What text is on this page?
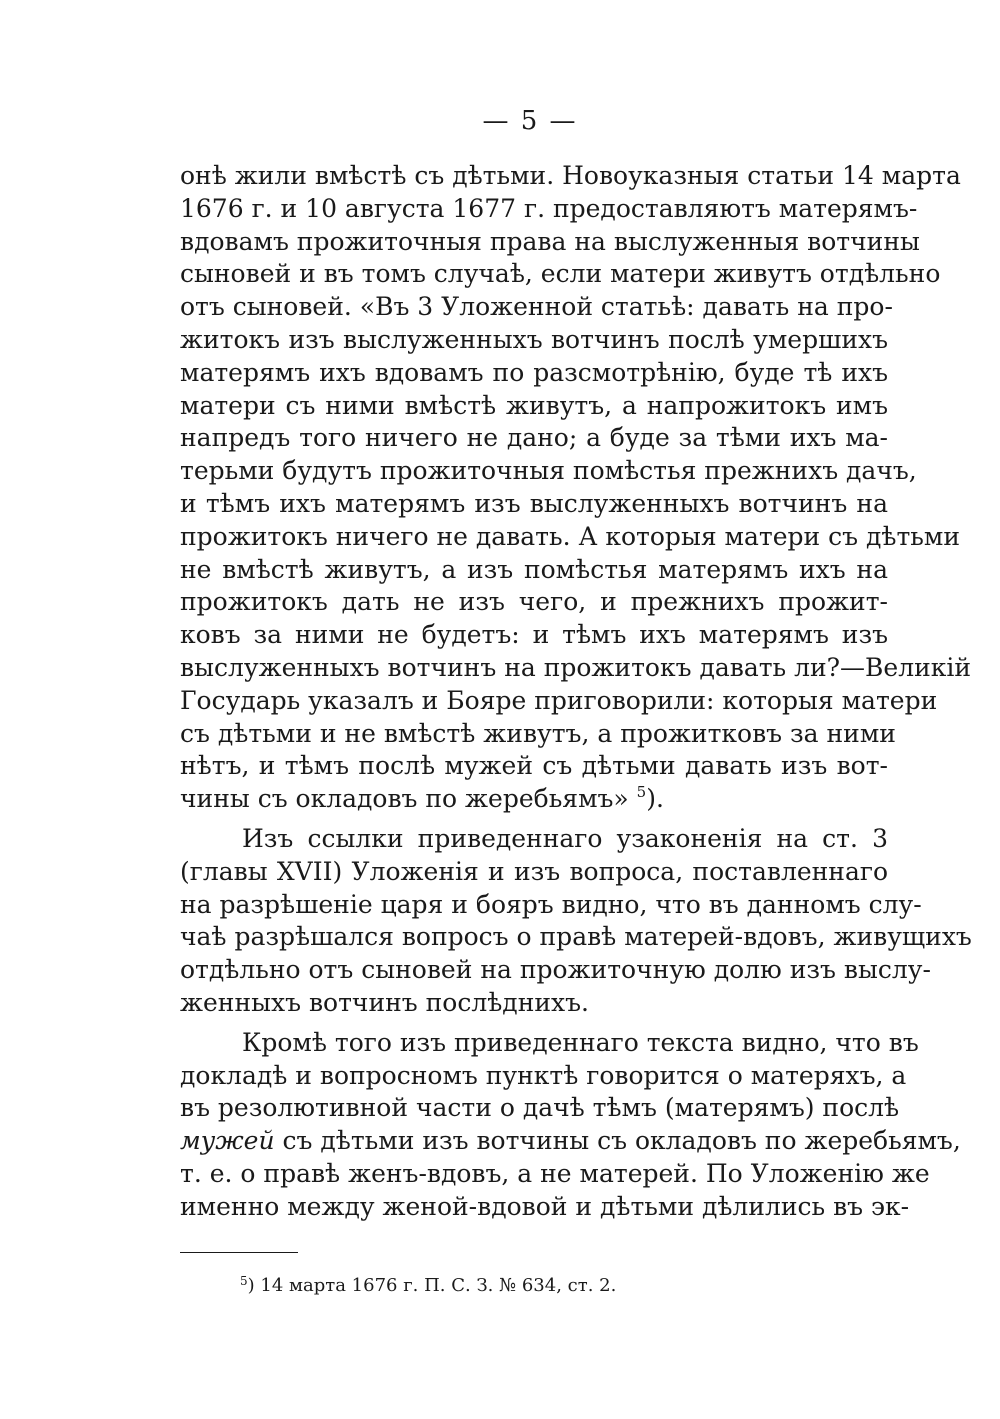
— 5 —
онѣ жили вмѣстѣ съ дѣтьми. Новоуказныя статьи 14 марта
1676 г. и 10 августа 1677 г. предоставляютъ матерямъ-
вдовамъ прожиточныя права на выслуженныя вотчины
сыновей и въ томъ случаѣ, если матери живутъ отдѣльно
отъ сыновей. «Въ 3 Уложенной статьѣ: давать на про-
житокъ изъ выслуженныхъ вотчинъ послѣ умершихъ
матерямъ ихъ вдовамъ по разсмотрѣнію, буде тѣ ихъ
матери съ ними вмѣстѣ живутъ, а напрожитокъ имъ
напредъ того ничего не дано; а буде за тѣми ихъ ма-
терьми будутъ прожиточныя помѣстья прежнихъ дачъ,
и тѣмъ ихъ матерямъ изъ выслуженныхъ вотчинъ на
прожитокъ ничего не давать. А которыя матери съ дѣтьми
не вмѣстѣ живутъ, а изъ помѣстья матерямъ ихъ на
прожитокъ дать не изъ чего, и прежнихъ прожит-
ковъ за ними не будетъ: и тѣмъ ихъ матерямъ изъ
выслуженныхъ вотчинъ на прожитокъ давать ли?—Великій
Государь указалъ и Бояре приговорили: которыя матери
съ дѣтьми и не вмѣстѣ живутъ, а прожитковъ за ними
нѣтъ, и тѣмъ послѣ мужей съ дѣтьми давать изъ вот-
чины съ окладовъ по жеребьямъ» $^5$).
Изъ ссылки приведеннаго узаконенія на ст. 3
(главы XVII) Уложенія и изъ вопроса, поставленнаго
на разрѣшеніе царя и бояръ видно, что въ данномъ слу-
чаѣ разрѣшался вопросъ о правѣ матерей-вдовъ, живущихъ
отдѣльно отъ сыновей на прожиточную долю изъ выслу-
женныхъ вотчинъ послѣднихъ.
Кромѣ того изъ приведеннаго текста видно, что въ
докладѣ и вопросномъ пунктѣ говорится о матеряхъ, а
въ резолютивной части о дачѣ тѣмъ (матерямъ) послѣ
мужей съ дѣтьми изъ вотчины съ окладовъ по жеребьямъ,
т. е. о правѣ женъ-вдовъ, а не матерей. По Уложенію же
именно между женой-вдовой и дѣтьми дѣлились въ эк-
$^5$) 14 марта 1676 г. П. С. З. № 634, ст. 2.
